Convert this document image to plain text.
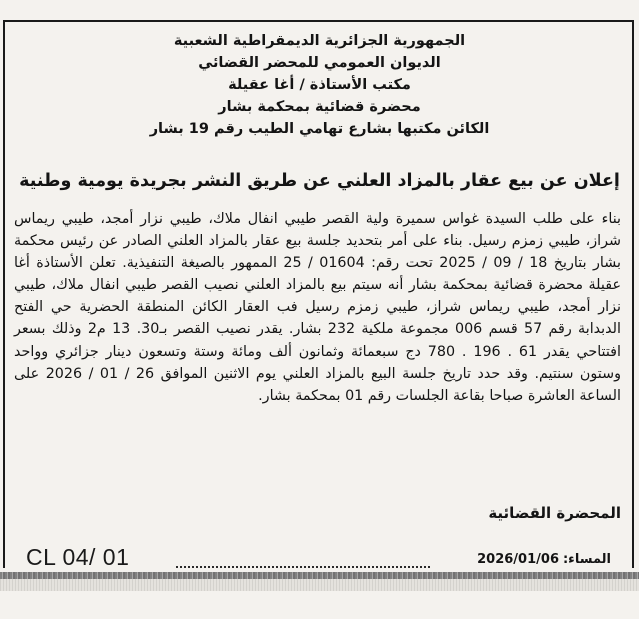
الجمهورية الجزائرية الديمقراطية الشعبية

الديوان العمومي للمحضر القضائي

مكتب الأستاذة / أغا عقيلة

محضرة قضائية بمحكمة بشار

الكائن مكتبها بشارع تهامي الطيب رقم 19 بشار

إعلان عن بيع عقار بالمزاد العلني عن طريق النشر بجريدة يومية وطنية

بناء على طلب السيدة غواس سميرة ولية القصر طيبي انفال ملاك، طيبي نزار أمجد، طيبي ريماس شراز، طيبي زمزم رسيل. بناء على أمر بتحديد جلسة بيع عقار بالمزاد العلني الصادر عن رئيس محكمة بشار بتاريخ 18 / 09 / 2025 تحت رقم: 01604 / 25 الممهور بالصيغة التنفيذية. تعلن الأستاذة أغا عقيلة محضرة قضائية بمحكمة بشار أنه سيتم بيع بالمزاد العلني نصيب القصر طيبي انفال ملاك، طيبي نزار أمجد، طيبي ريماس شراز، طيبي زمزم رسيل فب العقار الكائن المنطقة الحضرية حي الفتح الدبدابة رقم 57 قسم 006 مجموعة ملكية 232 بشار. يقدر نصيب القصر بـ30. 13 م2 وذلك بسعر افتتاحي يقدر 61 . 196 . 780 دج سبعمائة وثمانون ألف ومائة وستة وتسعون دينار جزائري وواحد وستون سنتيم. وقد حدد تاريخ جلسة البيع بالمزاد العلني يوم الاثنين الموافق 26 / 01 / 2026 على الساعة العاشرة صباحا بقاعة الجلسات رقم 01 بمحكمة بشار.

المحضرة القضائية
CL 04/ 01	المساء:
2026/01/06
